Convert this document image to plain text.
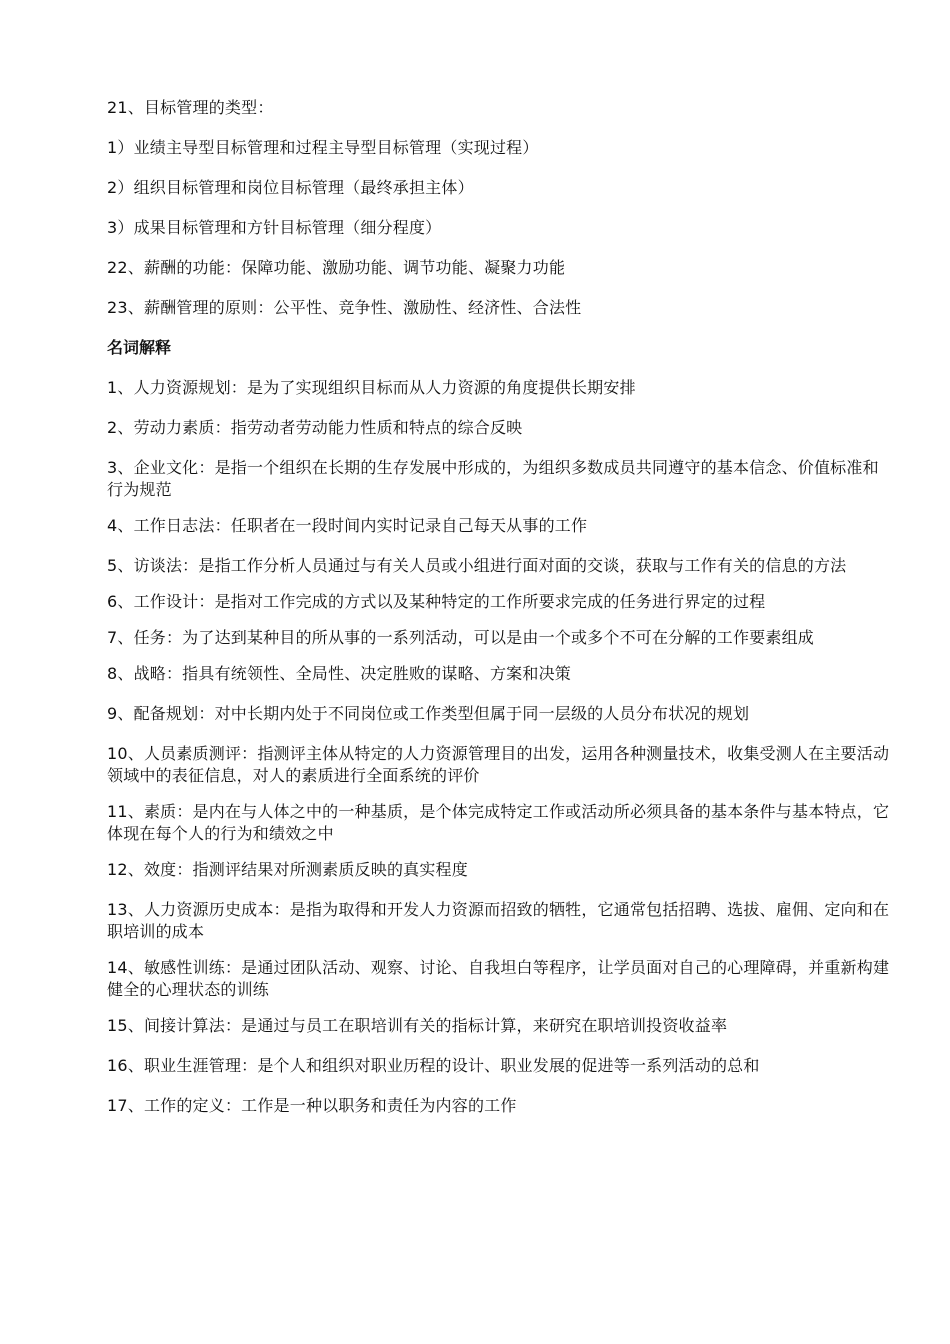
21、目标管理的类型：

1）业绩主导型目标管理和过程主导型目标管理（实现过程）

2）组织目标管理和岗位目标管理（最终承担主体）

3）成果目标管理和方针目标管理（细分程度）

22、薪酬的功能：保障功能、激励功能、调节功能、凝聚力功能

23、薪酬管理的原则：公平性、竞争性、激励性、经济性、合法性

名词解释

1、人力资源规划：是为了实现组织目标而从人力资源的角度提供长期安排

2、劳动力素质：指劳动者劳动能力性质和特点的综合反映

3、企业文化：是指一个组织在长期的生存发展中形成的，为组织多数成员共同遵守的基本信念、价值标准和行为规范

4、工作日志法：任职者在一段时间内实时记录自己每天从事的工作

5、访谈法：是指工作分析人员通过与有关人员或小组进行面对面的交谈，获取与工作有关的信息的方法

6、工作设计：是指对工作完成的方式以及某种特定的工作所要求完成的任务进行界定的过程

7、任务：为了达到某种目的所从事的一系列活动，可以是由一个或多个不可在分解的工作要素组成

8、战略：指具有统领性、全局性、决定胜败的谋略、方案和决策

9、配备规划：对中长期内处于不同岗位或工作类型但属于同一层级的人员分布状况的规划

10、人员素质测评：指测评主体从特定的人力资源管理目的出发，运用各种测量技术，收集受测人在主要活动领域中的表征信息，对人的素质进行全面系统的评价

11、素质：是内在与人体之中的一种基质，是个体完成特定工作或活动所必须具备的基本条件与基本特点，它体现在每个人的行为和绩效之中

12、效度：指测评结果对所测素质反映的真实程度

13、人力资源历史成本：是指为取得和开发人力资源而招致的牺牲，它通常包括招聘、选拔、雇佣、定向和在职培训的成本

14、敏感性训练：是通过团队活动、观察、讨论、自我坦白等程序，让学员面对自己的心理障碍，并重新构建健全的心理状态的训练

15、间接计算法：是通过与员工在职培训有关的指标计算，来研究在职培训投资收益率

16、职业生涯管理：是个人和组织对职业历程的设计、职业发展的促进等一系列活动的总和

17、工作的定义：工作是一种以职务和责任为内容的工作
